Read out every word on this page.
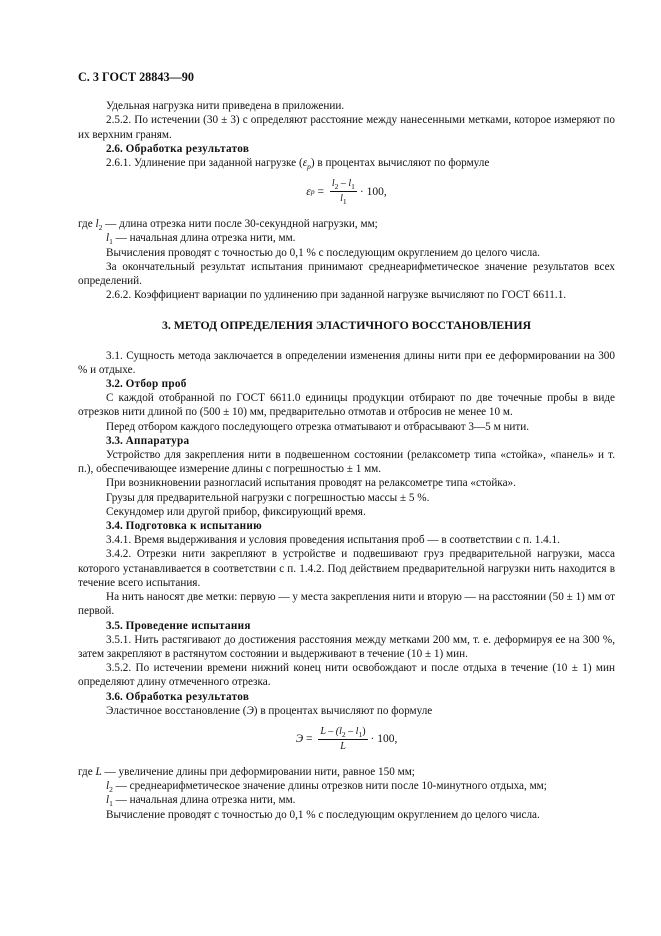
С. 3 ГОСТ 28843—90

Удельная нагрузка нити приведена в приложении.

2.5.2. По истечении (30 ± 3) с определяют расстояние между нанесенными метками, которое измеряют по их верхним граням.

2.6. Обработка результатов

2.6.1. Удлинение при заданной нагрузке $(\varepsilon_p)$ в процентах вычисляют по формуле

ε p
=
$\frac{l_2 - l_1}{l_1} \cdot 100$,

где $l_2$ — длина отрезка нити после 30-секундной нагрузки, мм;

$l_1$ — начальная длина отрезка нити, мм.

Вычисления проводят с точностью до 0,1 % с последующим округлением до целого числа.

За окончательный результат испытания принимают среднеарифметическое значение результатов всех определений.

2.6.2. Коэффициент вариации по удлинению при заданной нагрузке вычисляют по ГОСТ 6611.1.

3. МЕТОД ОПРЕДЕЛЕНИЯ ЭЛАСТИЧНОГО ВОССТАНОВЛЕНИЯ

3.1. Сущность метода заключается в определении изменения длины нити при ее деформировании на 300 % и отдыхе.

3.2. Отбор проб

С каждой отобранной по ГОСТ 6611.0 единицы продукции отбирают по две точечные пробы в виде отрезков нити длиной по (500 ± 10) мм, предварительно отмотав и отбросив не менее 10 м.

Перед отбором каждого последующего отрезка отматывают и отбрасывают 3—5 м нити.

3.3. Аппаратура

Устройство для закрепления нити в подвешенном состоянии (релаксометр типа «стойка», «панель» и т. п.), обеспечивающее измерение длины с погрешностью ± 1 мм.

При возникновении разногласий испытания проводят на релаксометре типа «стойка».

Грузы для предварительной нагрузки с погрешностью массы ± 5 %.

Секундомер или другой прибор, фиксирующий время.

3.4. Подготовка к испытанию

3.4.1. Время выдерживания и условия проведения испытания проб — в соответствии с п. 1.4.1.

3.4.2. Отрезки нити закрепляют в устройстве и подвешивают груз предварительной нагрузки, масса которого устанавливается в соответствии с п. 1.4.2. Под действием предварительной нагрузки нить находится в течение всего испытания.

На нить наносят две метки: первую — у места закрепления нити и вторую — на расстоянии (50 ± 1) мм от первой.

3.5. Проведение испытания

3.5.1. Нить растягивают до достижения расстояния между метками 200 мм, т. е. деформируя ее на 300 %, затем закрепляют в растянутом состоянии и выдерживают в течение (10 ± 1) мин.

3.5.2. По истечении времени нижний конец нити освобождают и после отдыха в течение (10 ± 1) мин определяют длину отмеченного отрезка.

3.6. Обработка результатов

Эластичное восстановление (Э) в процентах вычисляют по формуле

Э
=
$\frac{L - (l_2 - l_1)}{L} \cdot 100$,

где L — увеличение длины при деформировании нити, равное 150 мм;

$l_2$ — среднеарифметическое значение длины отрезков нити после 10-минутного отдыха, мм;

$l_1$ — начальная длина отрезка нити, мм.

Вычисление проводят с точностью до 0,1 % с последующим округлением до целого числа.
